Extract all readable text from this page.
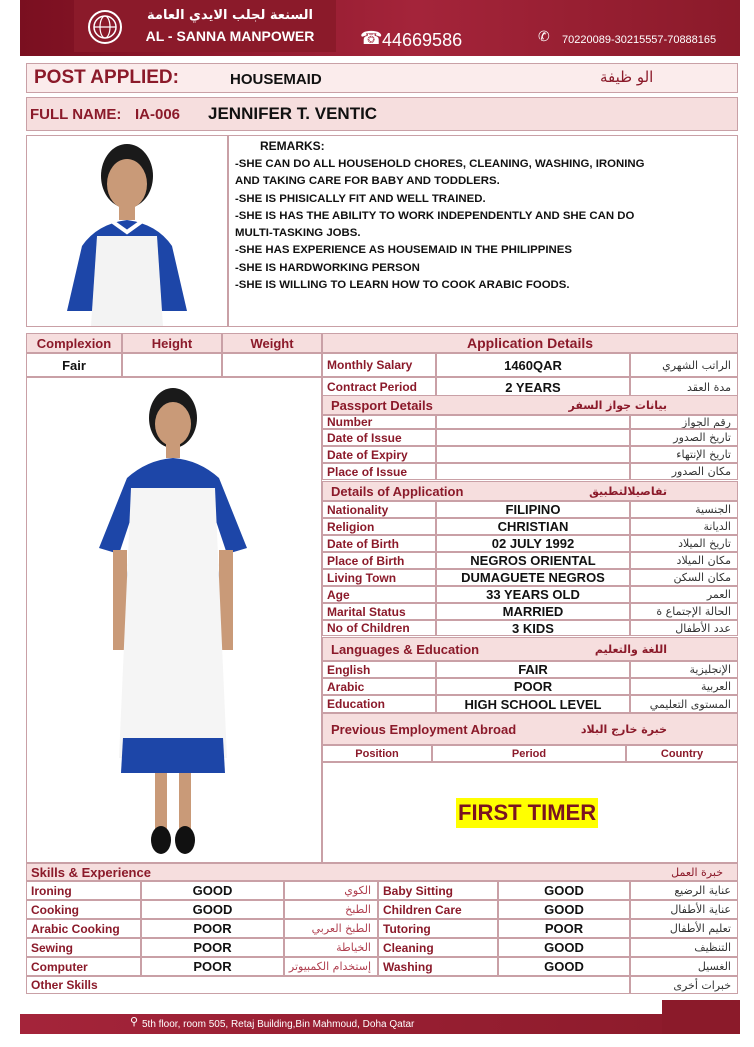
السنعة لجلب الايدي العامة
AL - SANNA MANPOWER	☎ 44669586	✆ 70220089-30215557-70888165
POST APPLIED:	HOUSEMAID	الو ظيفة
FULL NAME: IA-006 JENNIFER T. VENTIC
REMARKS:
-SHE CAN DO ALL HOUSEHOLD CHORES, CLEANING, WASHING, IRONING
AND TAKING CARE FOR BABY AND TODDLERS.
-SHE IS PHISICALLY FIT AND WELL TRAINED.
-SHE IS HAS THE ABILITY TO WORK INDEPENDENTLY AND SHE CAN DO
MULTI-TASKING JOBS.
-SHE HAS EXPERIENCE AS HOUSEMAID IN THE PHILIPPINES
-SHE IS HARDWORKING PERSON
-SHE IS WILLING TO LEARN HOW TO COOK ARABIC FOODS.
Complexion	Height	Weight
Fair
Application Details
FIRST TIMER
Skills & Experience	خبرة العمل
Other Skills	خبرات أخرى
⚲ 5th floor, room 505, Retaj Building,Bin Mahmoud, Doha Qatar
Monthly Salary	1460QAR	الراتب الشهري
Contract Period	2 YEARS	مدة العقد
Passport Details	بيانات جواز السفر
Number	رقم الجواز
Date of Issue	تاريخ الصدور
Date of Expiry	تاريخ الإنتهاء
Place of Issue	مكان الصدور
Details of Application	تفاصيلالتطبيق
Nationality	FILIPINO	الجنسية
Religion	CHRISTIAN	الديانة
Date of Birth	02 JULY 1992	تاريخ الميلاد
Place of Birth	NEGROS ORIENTAL	مكان الميلاد
Living Town	DUMAGUETE NEGROS	مكان السكن
Age	33 YEARS OLD	العمر
Marital Status	MARRIED	الحالة الإجتماع ة
No of Children	3 KIDS	عدد الأطفال
Languages & Education	اللغة والتعليم
English	FAIR	الإنجليزية
Arabic	POOR	العربية
Education	HIGH SCHOOL LEVEL	المستوى التعليمي
Previous Employment Abroad	خبرة خارج البلاد
Position	Period	Country
Ironing	GOOD	الكوي	Baby Sitting	GOOD	عناية الرضيع
Cooking	GOOD	الطبخ	Children Care	GOOD	عناية الأطفال
Arabic Cooking	POOR	الطبخ العربي	Tutoring	POOR	تعليم الأطفال
Sewing	POOR	الخياطة	Cleaning	GOOD	التنظيف
Computer	POOR	إستخدام الكمبيوتر	Washing	GOOD	الغسيل
